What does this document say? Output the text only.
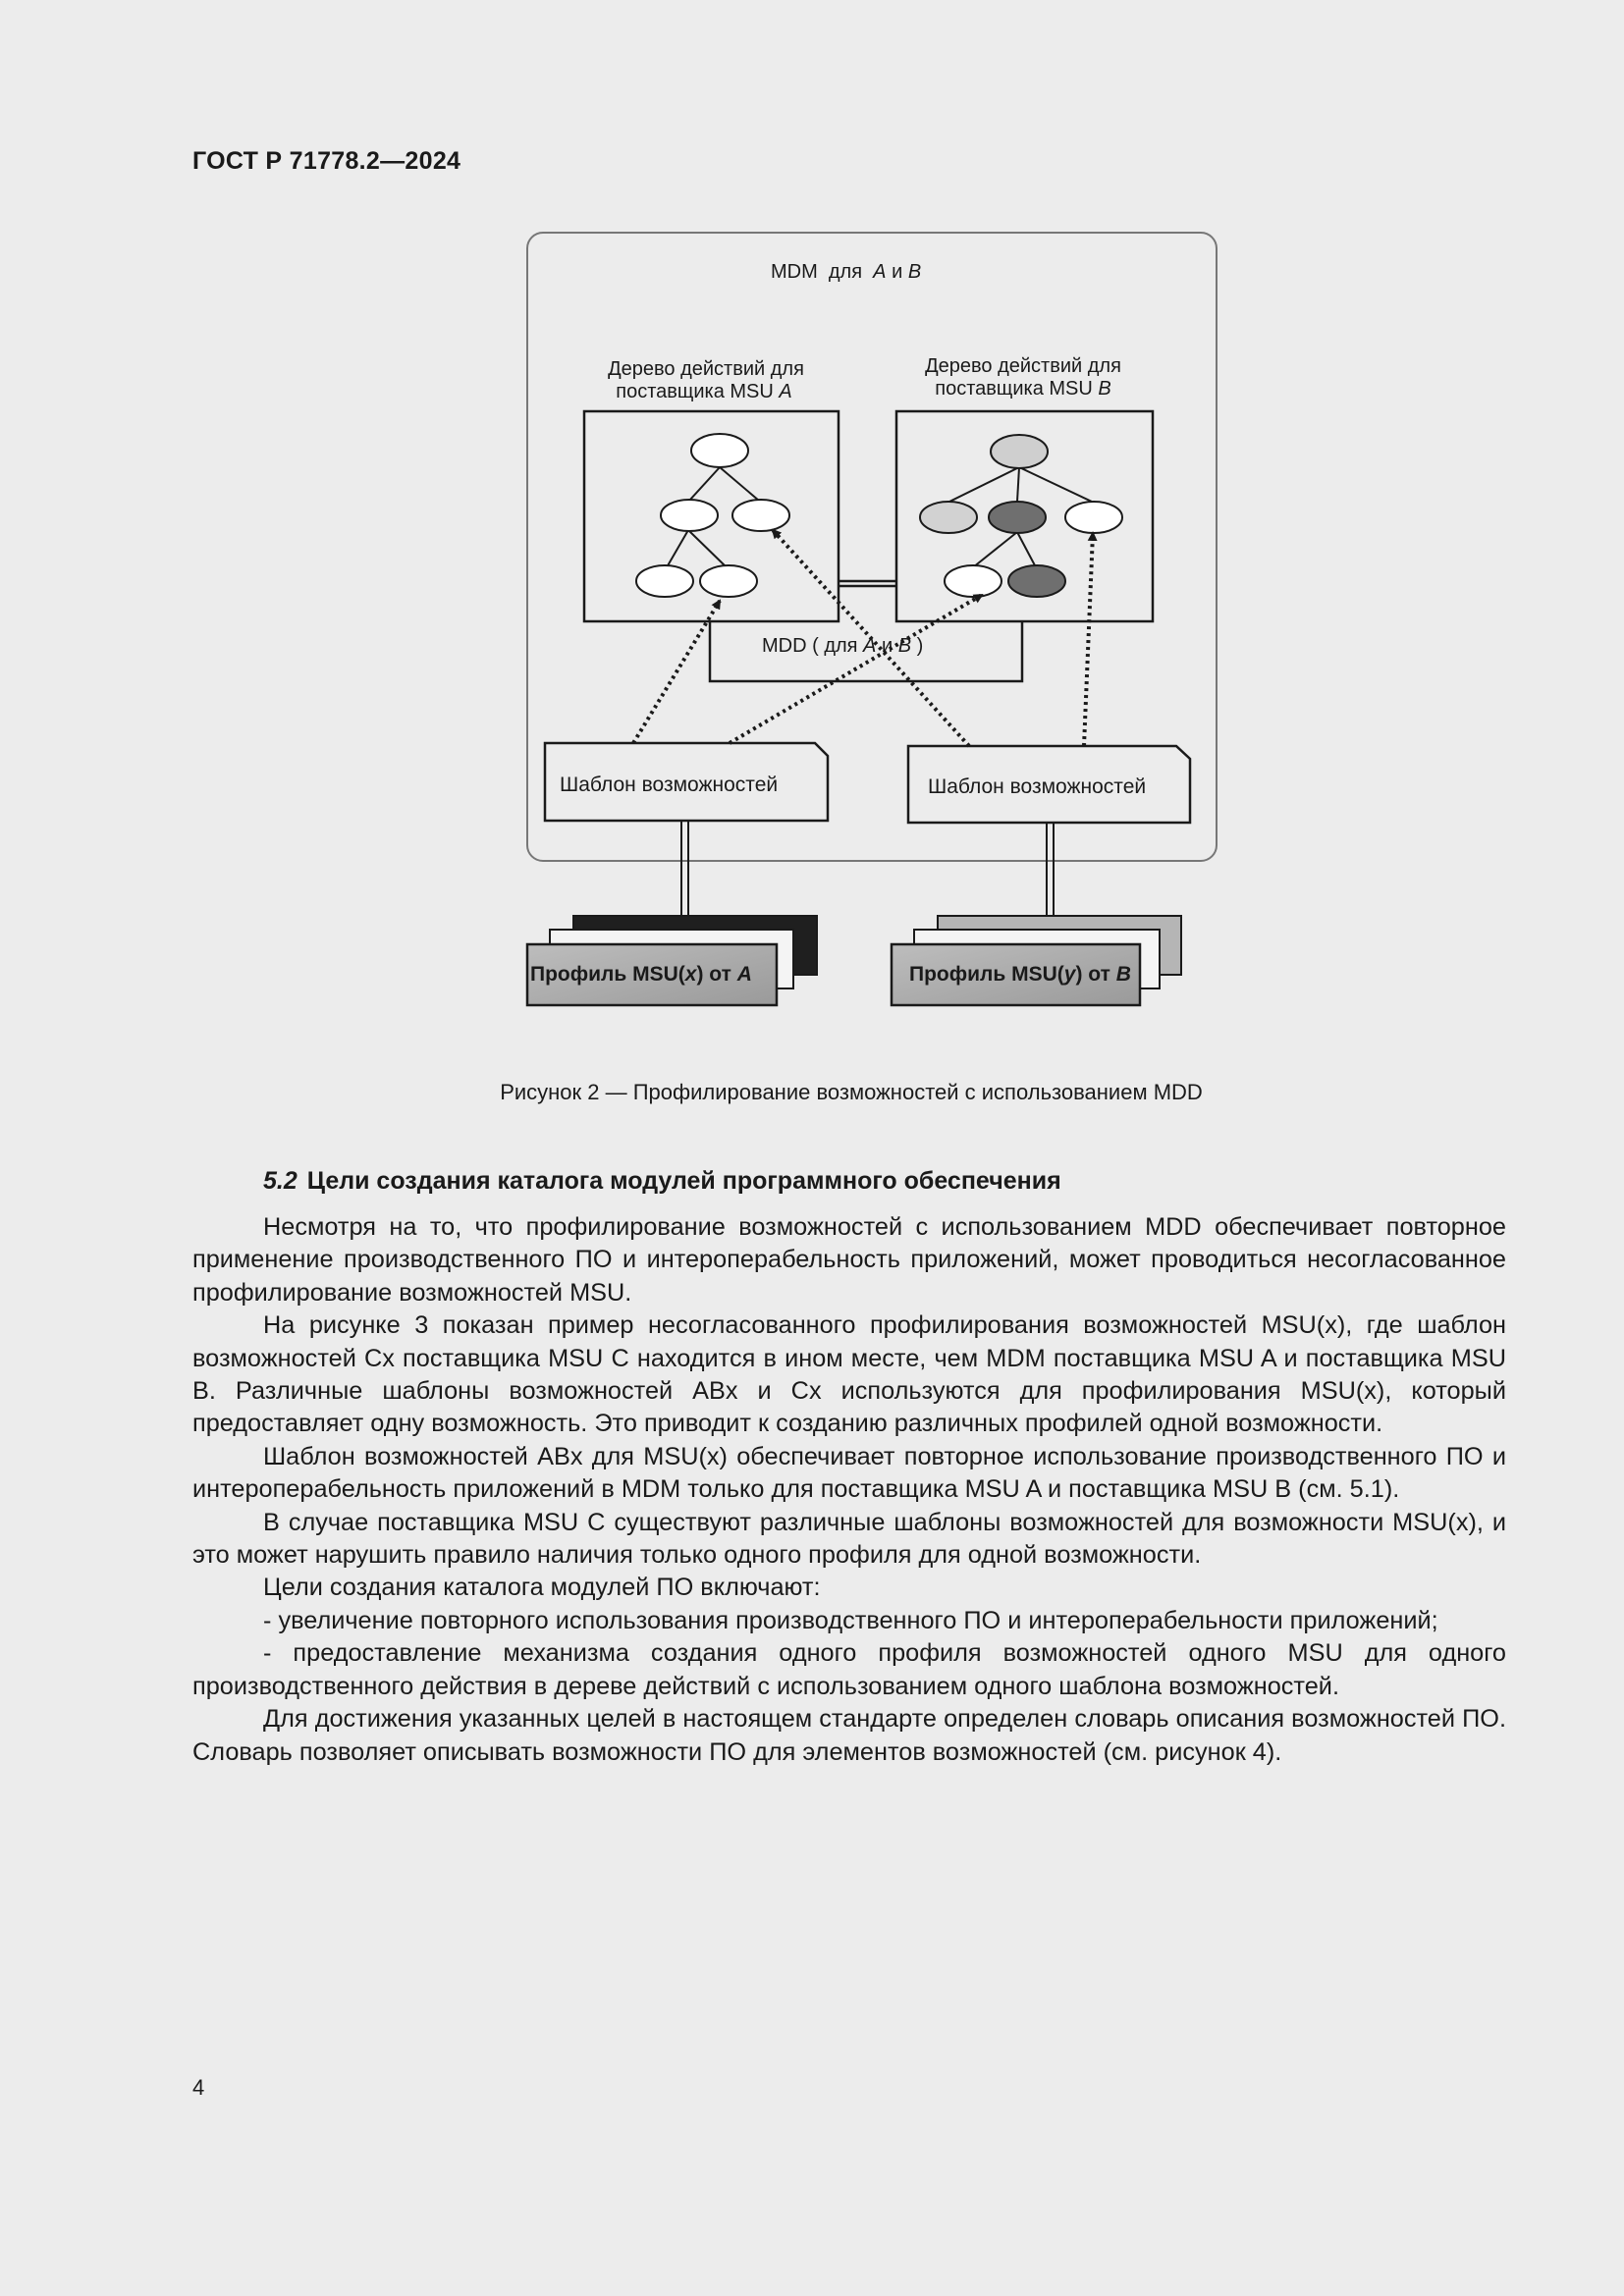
ГОСТ Р 71778.2—2024
MDM  для  A и B
Дерево действий для
поставщика MSU A
Дерево действий для
поставщика MSU B
MDD ( для A и B )
Шаблон возможностей	Шаблон возможностей
Профиль MSU(x) от A	Профиль MSU(y) от B
Рисунок 2 — Профилирование возможностей с использованием MDD
5.2 Цели создания каталога модулей программного обеспечения

Несмотря на то, что профилирование возможностей с использованием MDD обеспечивает повторное применение производственного ПО и интероперабельность приложений, может проводиться несогласованное профилирование возможностей MSU.

На рисунке 3 показан пример несогласованного профилирования возможностей MSU(x), где шаблон возможностей Cx поставщика MSU C находится в ином месте, чем MDM поставщика MSU A и поставщика MSU B. Различные шаблоны возможностей ABx и Cx используются для профилирования MSU(x), который предоставляет одну возможность. Это приводит к созданию различных профилей одной возможности.

Шаблон возможностей ABx для MSU(x) обеспечивает повторное использование производственного ПО и интероперабельность приложений в MDM только для поставщика MSU A и поставщика MSU B (см. 5.1).

В случае поставщика MSU C существуют различные шаблоны возможностей для возможности MSU(x), и это может нарушить правило наличия только одного профиля для одной возможности.

Цели создания каталога модулей ПО включают:

- увеличение повторного использования производственного ПО и интероперабельности приложений;

- предоставление механизма создания одного профиля возможностей одного MSU для одного производственного действия в дереве действий с использованием одного шаблона возможностей.

Для достижения указанных целей в настоящем стандарте определен словарь описания возможностей ПО. Словарь позволяет описывать возможности ПО для элементов возможностей (см. рисунок 4).

4
